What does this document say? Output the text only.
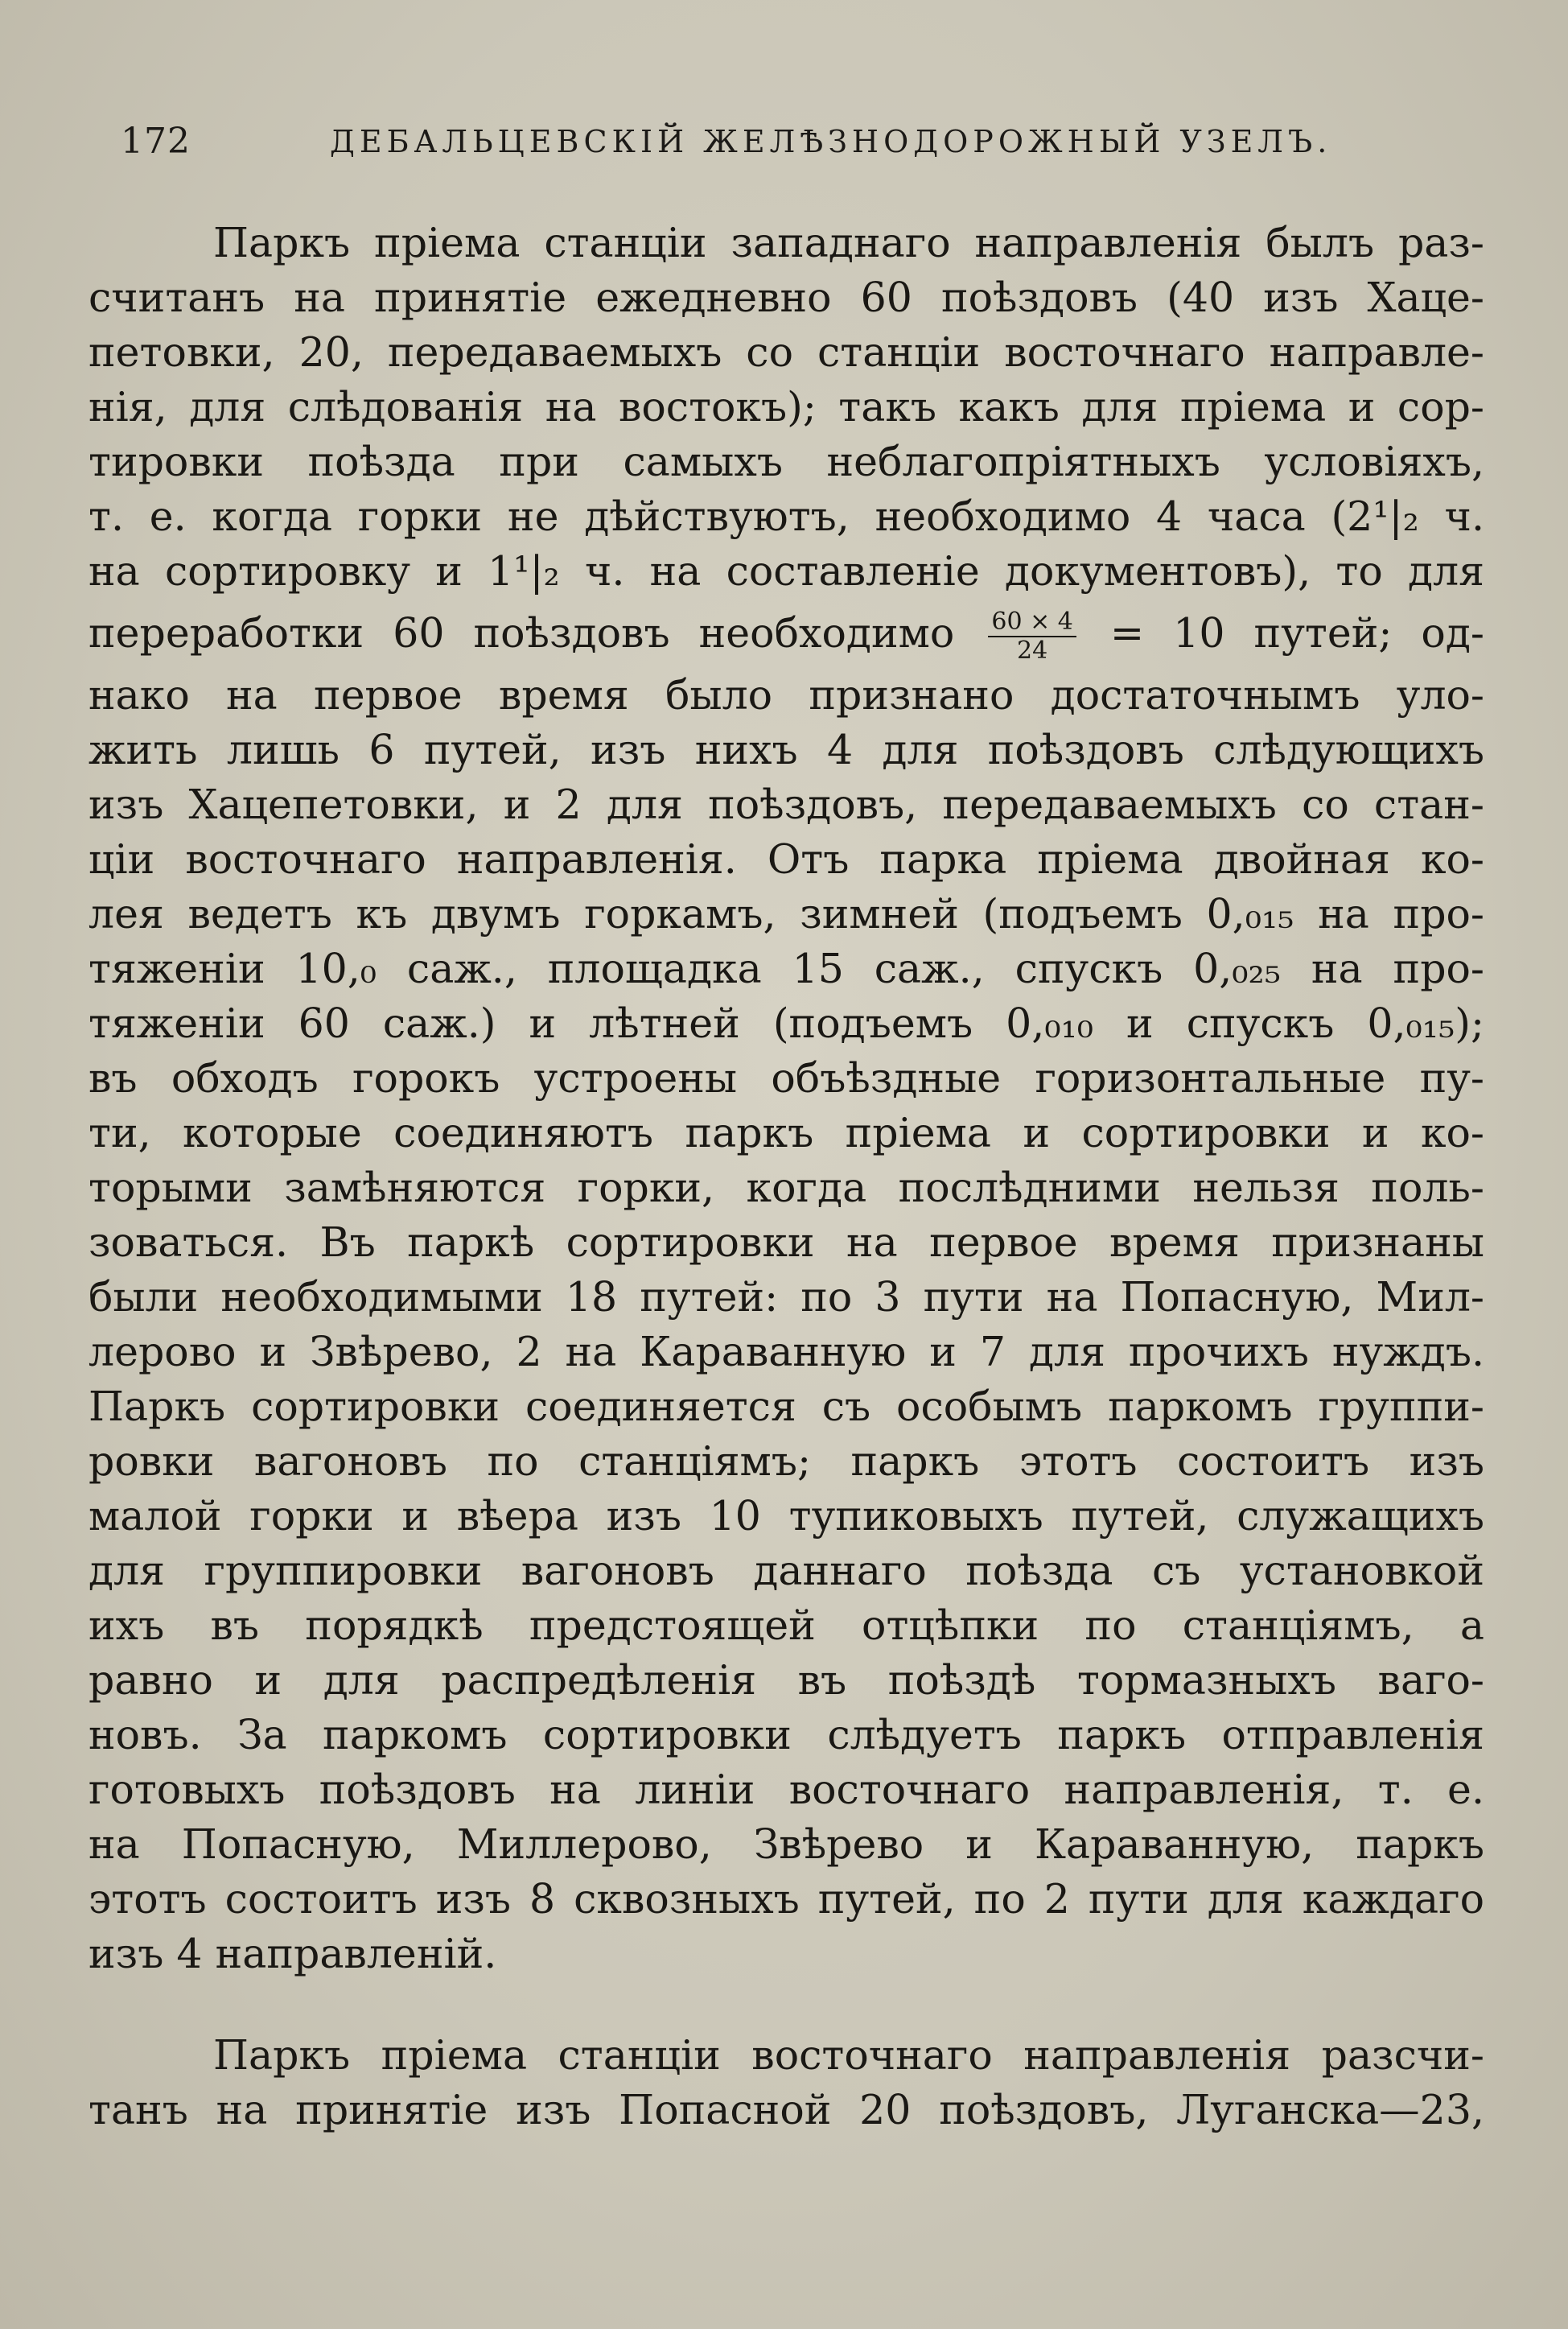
172	ДЕБАЛЬЦЕВСКІЙ ЖЕЛѢЗНОДОРОЖНЫЙ УЗЕЛЪ.
Паркъ пріема станціи западнаго направленія былъ раз-
считанъ на принятіе ежедневно 60 поѣздовъ (40 изъ Хаце-
петовки, 20, передаваемыхъ со станціи восточнаго направле-
нія, для слѣдованія на востокъ); такъ какъ для пріема и сор-
тировки поѣзда при самыхъ неблагопріятныхъ условіяхъ,
т. е. когда горки не дѣйствуютъ, необходимо 4 часа (2¹|₂ ч.
на сортировку и 1¹|₂ ч. на составленіе документовъ), то для
переработки 60 поѣздовъ необходимо $\frac{60 \times 4}{24} = 10$ путей; од-
нако на первое время было признано достаточнымъ уло-
жить лишь 6 путей, изъ нихъ 4 для поѣздовъ слѣдующихъ
изъ Хацепетовки, и 2 для поѣздовъ, передаваемыхъ со стан-
ціи восточнаго направленія. Отъ парка пріема двойная ко-
лея ведетъ къ двумъ горкамъ, зимней (подъемъ 0,₀₁₅ на про-
тяженіи 10,₀ саж., площадка 15 саж., спускъ 0,₀₂₅ на про-
тяженіи 60 саж.) и лѣтней (подъемъ 0,₀₁₀ и спускъ 0,₀₁₅);
въ обходъ горокъ устроены объѣздные горизонтальные пу-
ти, которые соединяютъ паркъ пріема и сортировки и ко-
торыми замѣняются горки, когда послѣдними нельзя поль-
зоваться. Въ паркѣ сортировки на первое время признаны
были необходимыми 18 путей: по 3 пути на Попасную, Мил-
лерово и Звѣрево, 2 на Караванную и 7 для прочихъ нуждъ.
Паркъ сортировки соединяется съ особымъ паркомъ группи-
ровки вагоновъ по станціямъ; паркъ этотъ состоитъ изъ
малой горки и вѣера изъ 10 тупиковыхъ путей, служащихъ
для группировки вагоновъ даннаго поѣзда съ установкой
ихъ въ порядкѣ предстоящей отцѣпки по станціямъ, а
равно и для распредѣленія въ поѣздѣ тормазныхъ ваго-
новъ. За паркомъ сортировки слѣдуетъ паркъ отправленія
готовыхъ поѣздовъ на линіи восточнаго направленія, т. е.
на Попасную, Миллерово, Звѣрево и Караванную, паркъ
этотъ состоитъ изъ 8 сквозныхъ путей, по 2 пути для каждаго
изъ 4 направленій.
Паркъ пріема станціи восточнаго направленія разсчи-
танъ на принятіе изъ Попасной 20 поѣздовъ, Луганска—23,
